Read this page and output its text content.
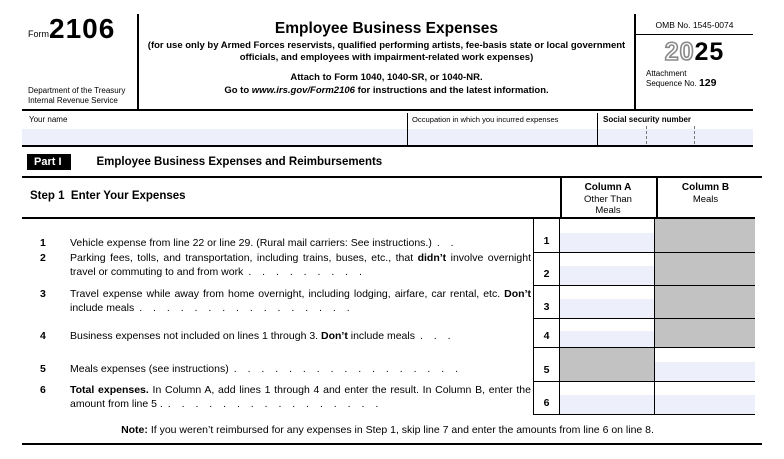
Form 2106
Department of the Treasury
Internal Revenue Service
Employee Business Expenses
(for use only by Armed Forces reservists, qualified performing artists, fee-basis state or local government officials, and employees with impairment-related work expenses)
Attach to Form 1040, 1040-SR, or 1040-NR.
Go to www.irs.gov/Form2106 for instructions and the latest information.
OMB No. 1545-0074
2025
Attachment
Sequence No. 129
Your name	Occupation in which you incurred expenses	Social security number
Part I	Employee Business Expenses and Reimbursements
Step 1 Enter Your Expenses
Column A
Other Than
Meals
Column B
Meals
1
2
3
4
5
6
1 Vehicle expense from line 22 or line 29. (Rural mail carriers: See instructions.) . .
2 Parking fees, tolls, and transportation, including trains, buses, etc., that didn’t involve overnight travel or commuting to and from work . . . . . . . . .
3 Travel expense while away from home overnight, including lodging, airfare, car rental, etc. Don’t include meals . . . . . . . . . . . . . . . .
4 Business expenses not included on lines 1 through 3. Don’t include meals . . .
5 Meals expenses (see instructions) . . . . . . . . . . . . . . . . .
6 Total expenses. In Column A, add lines 1 through 4 and enter the result. In Column B, enter the amount from line 5 . . . . . . . . . . . . . . . . .
Note: If you weren’t reimbursed for any expenses in Step 1, skip line 7 and enter the amounts from line 6 on line 8.
